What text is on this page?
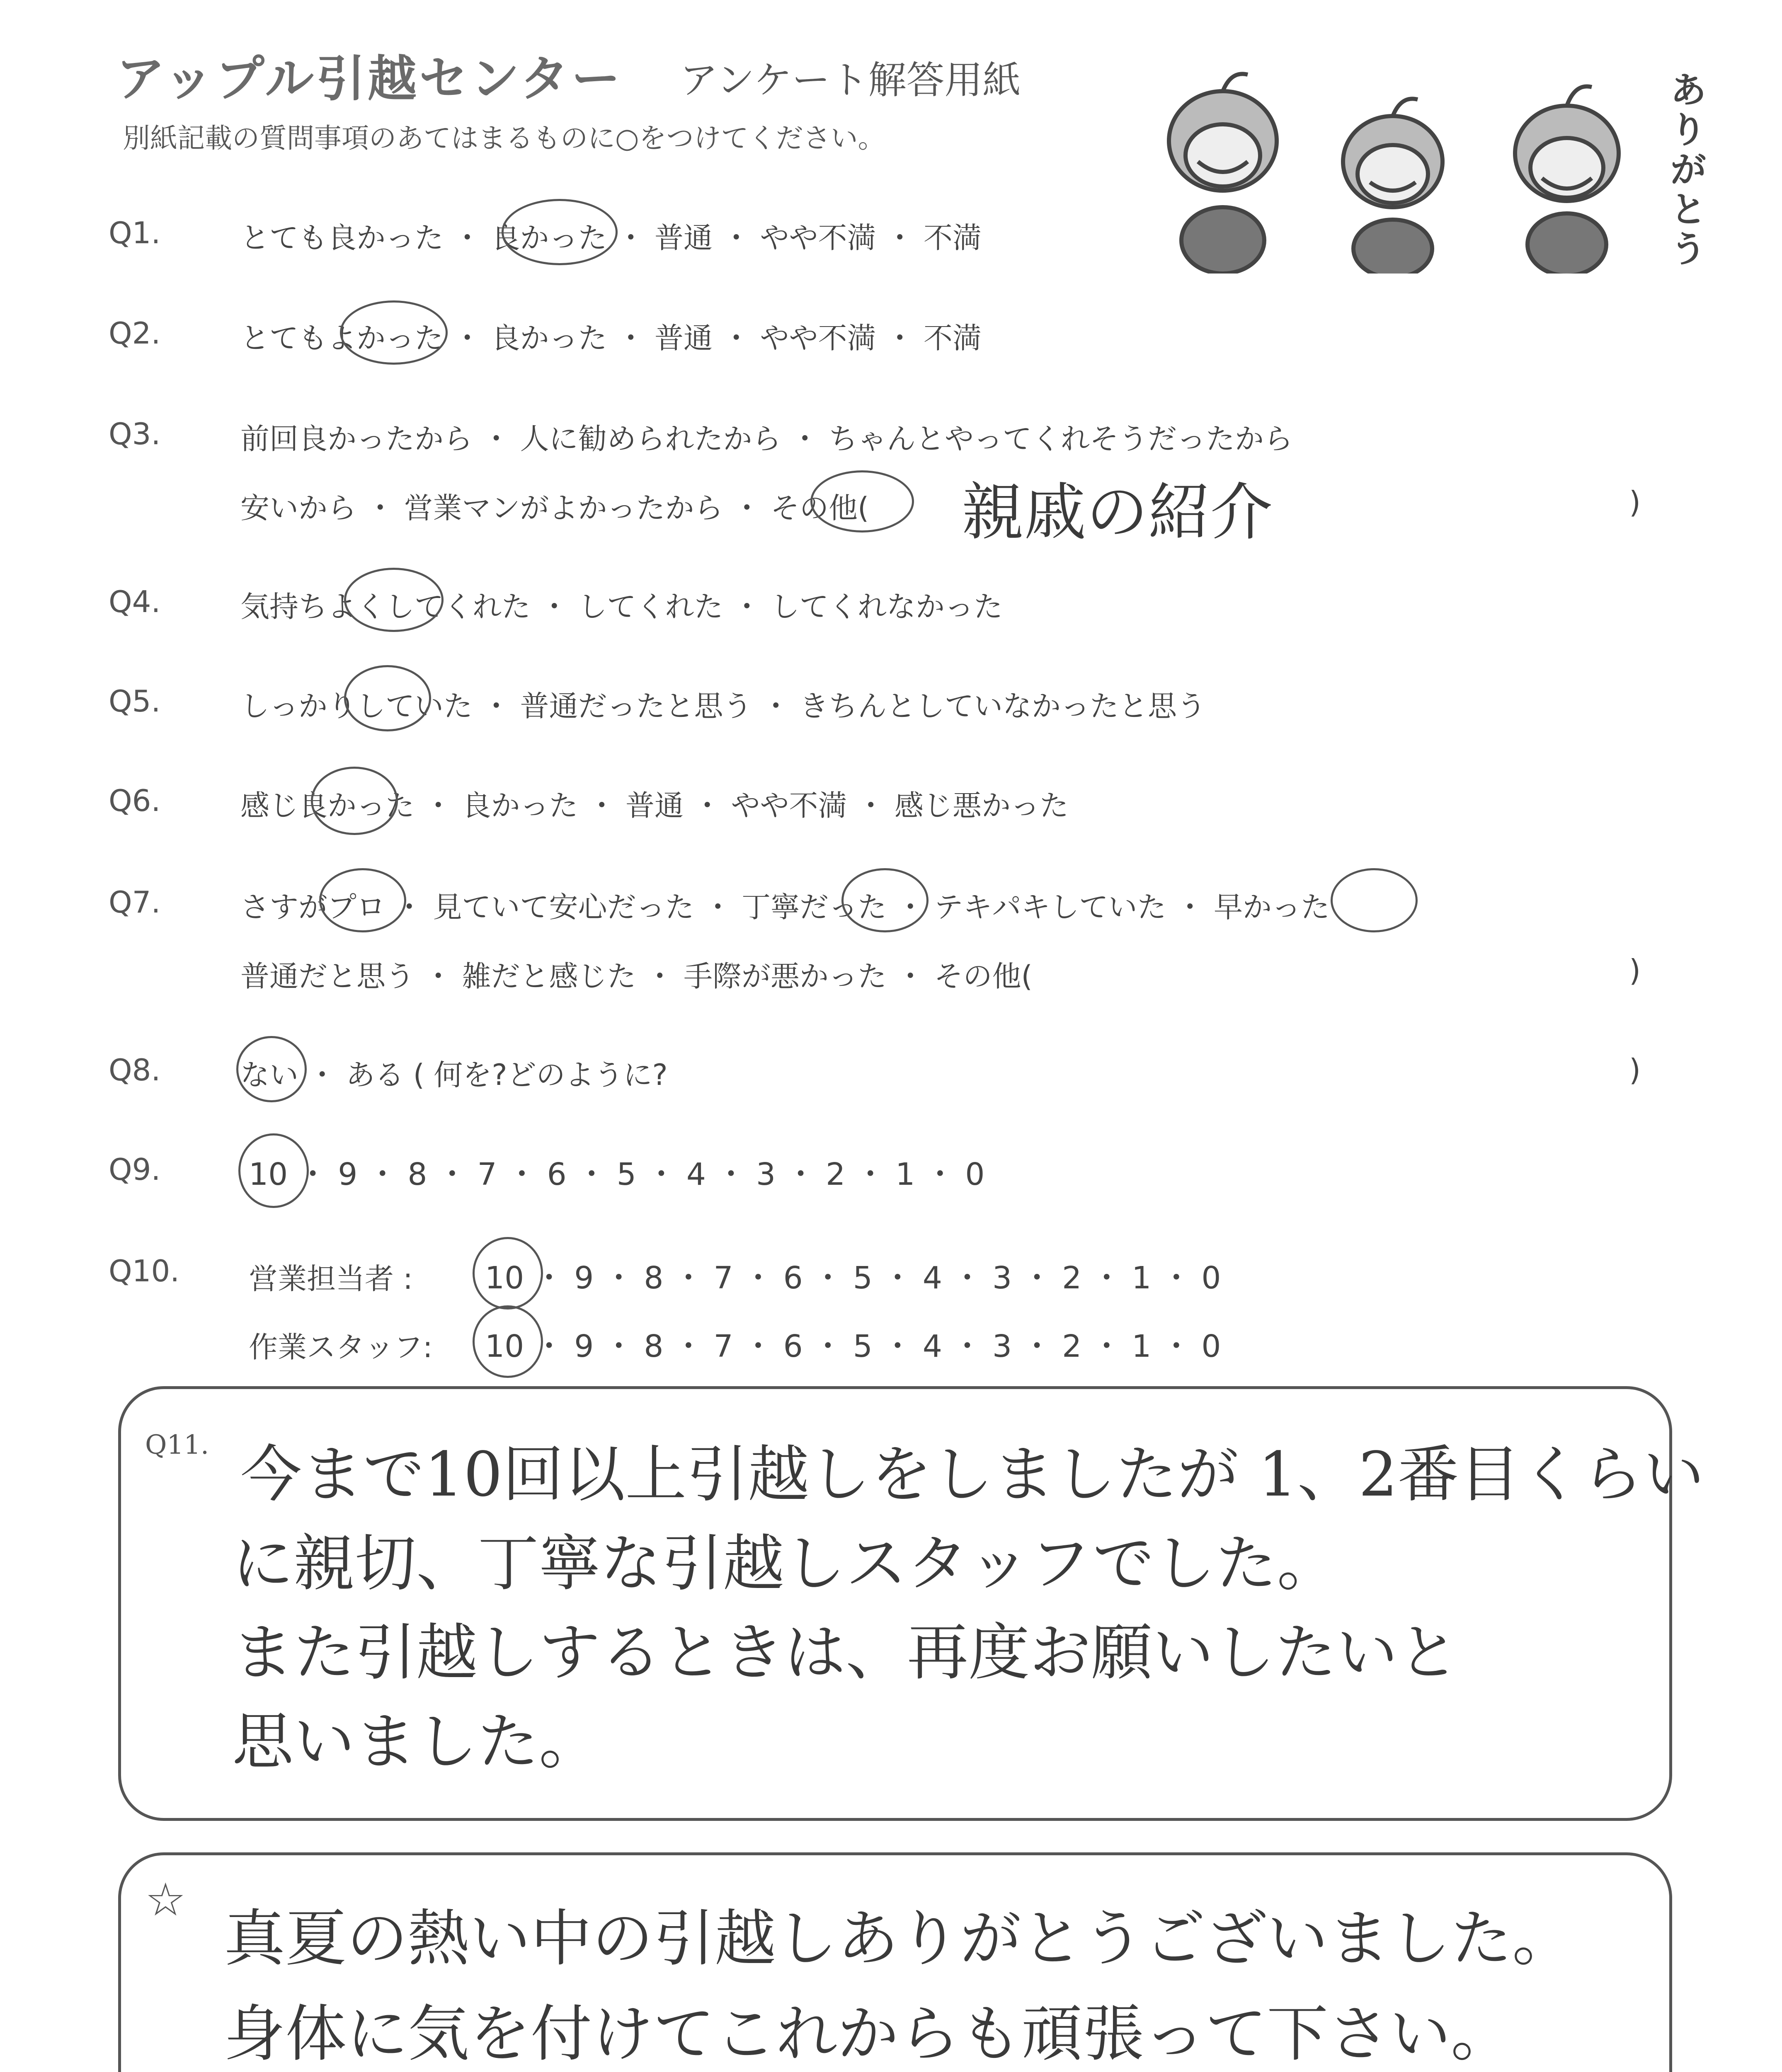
アップル引越センター アンケート解答用紙
別紙記載の質問事項のあてはまるものに○をつけてください。
ありがとう
Q1.	とても良かった ・ 良かった ・ 普通 ・ やや不満 ・ 不満
Q2.	とてもよかった ・ 良かった ・ 普通 ・ やや不満 ・ 不満
Q3.	前回良かったから ・ 人に勧められたから ・ ちゃんとやってくれそうだったから
安いから ・ 営業マンがよかったから ・ その他( 親戚の紹介	)
Q4.	気持ちよくしてくれた ・ してくれた ・ してくれなかった
Q5.	しっかりしていた ・ 普通だったと思う ・ きちんとしていなかったと思う
Q6.	感じ良かった ・ 良かった ・ 普通 ・ やや不満 ・ 感じ悪かった
Q7.	さすがプロ ・ 見ていて安心だった ・ 丁寧だった ・ テキパキしていた ・ 早かった
普通だと思う ・ 雑だと感じた ・ 手際が悪かった ・ その他(	)
Q8.	ない ・ ある ( 何を?どのように?	)
Q9.	10 ・ 9 ・ 8 ・ 7 ・ 6 ・ 5 ・ 4 ・ 3 ・ 2 ・ 1 ・ 0
Q10. 営業担当者 : 10 ・ 9 ・ 8 ・ 7 ・ 6 ・ 5 ・ 4 ・ 3 ・ 2 ・ 1 ・ 0
作業スタッフ: 10 ・ 9 ・ 8 ・ 7 ・ 6 ・ 5 ・ 4 ・ 3 ・ 2 ・ 1 ・ 0
Q11. 今まで10回以上引越しをしましたが 1、2番目くらい
に親切、丁寧な引越しスタッフでした。
また引越しするときは、再度お願いしたいと
思いました。
☆
真夏の熱い中の引越しありがとうございました。
身体に気を付けてこれからも頑張って下さい。
